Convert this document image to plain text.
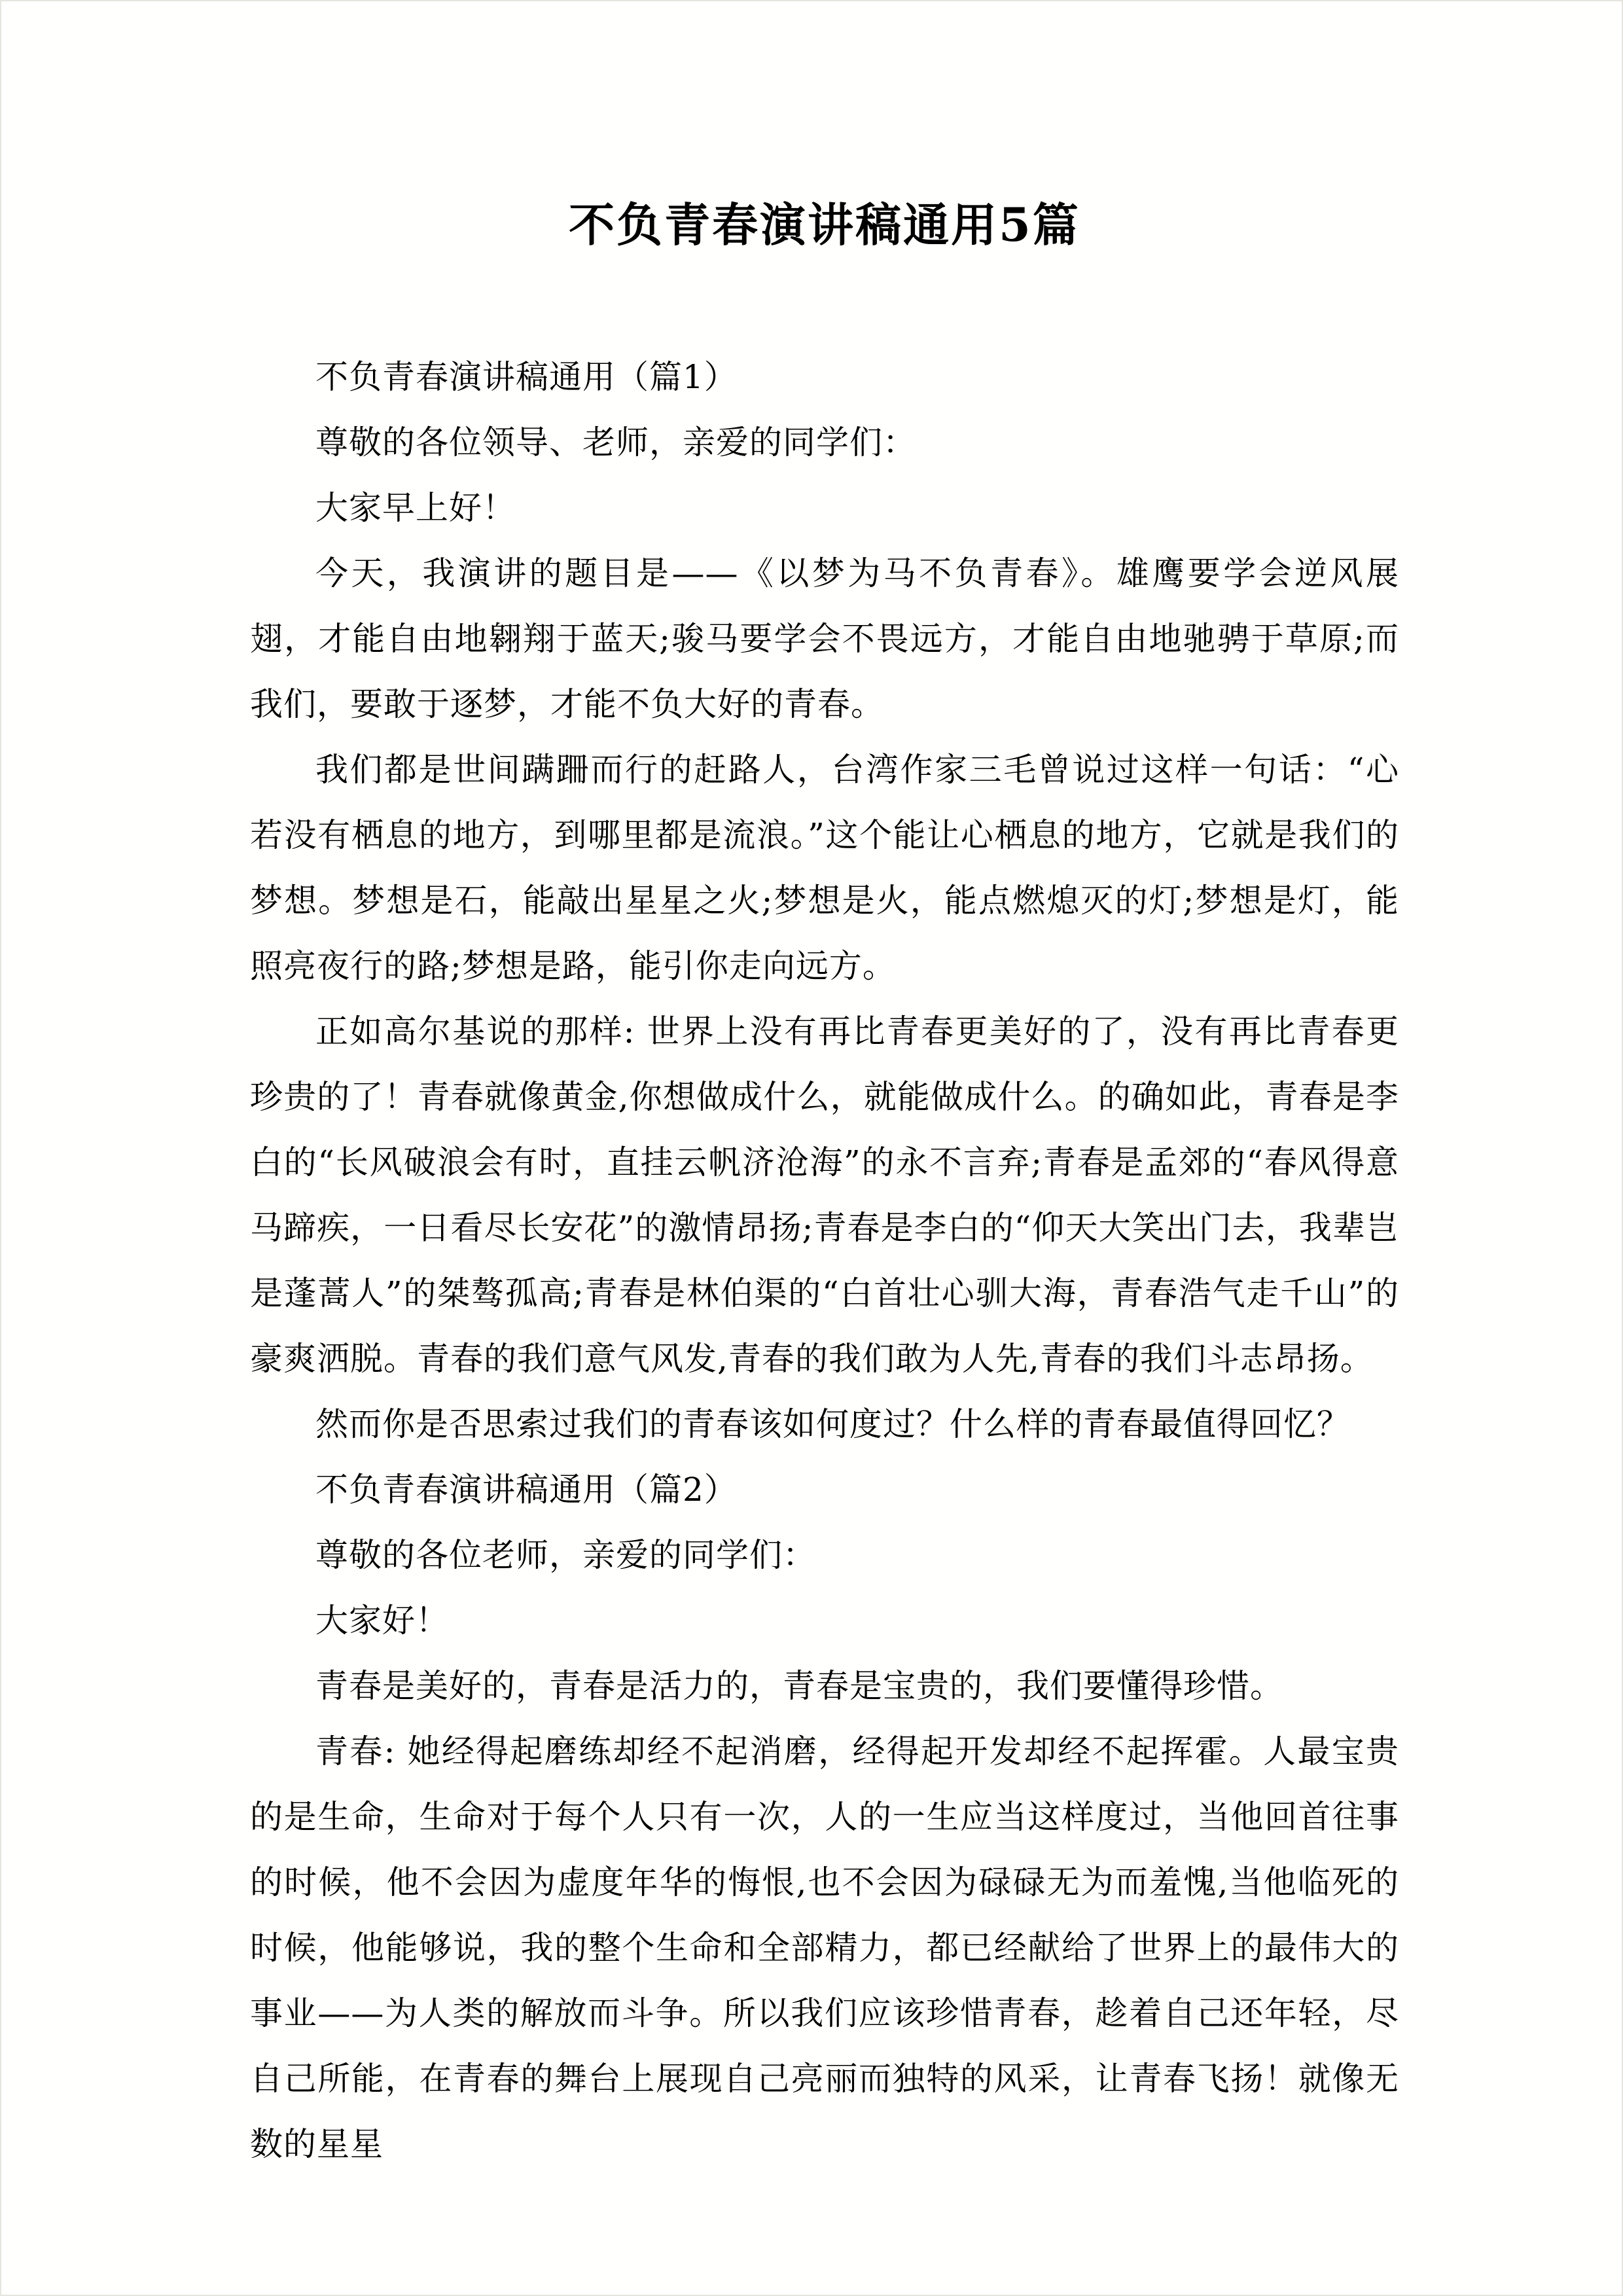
不负青春演讲稿通用5篇

不负青春演讲稿通用（篇1）

尊敬的各位领导、老师，亲爱的同学们：

大家早上好！

今天，我演讲的题目是——《以梦为马不负青春》。雄鹰要学会逆风展翅，才能自由地翱翔于蓝天;骏马要学会不畏远方，才能自由地驰骋于草原;而我们，要敢于逐梦，才能不负大好的青春。

我们都是世间蹒跚而行的赶路人，台湾作家三毛曾说过这样一句话：“心若没有栖息的地方，到哪里都是流浪。”这个能让心栖息的地方，它就是我们的梦想。梦想是石，能敲出星星之火;梦想是火，能点燃熄灭的灯;梦想是灯，能照亮夜行的路;梦想是路，能引你走向远方。

正如高尔基说的那样: 世界上没有再比青春更美好的了，没有再比青春更珍贵的了！青春就像黄金,你想做成什么，就能做成什么。的确如此，青春是李白的“长风破浪会有时，直挂云帆济沧海”的永不言弃;青春是孟郊的“春风得意马蹄疾，一日看尽长安花”的激情昂扬;青春是李白的“仰天大笑出门去，我辈岂是蓬蒿人”的桀骜孤高;青春是林伯渠的“白首壮心驯大海，青春浩气走千山”的豪爽洒脱。青春的我们意气风发,青春的我们敢为人先,青春的我们斗志昂扬。

然而你是否思索过我们的青春该如何度过？什么样的青春最值得回忆？

不负青春演讲稿通用（篇2）

尊敬的各位老师，亲爱的同学们：

大家好！

青春是美好的，青春是活力的，青春是宝贵的，我们要懂得珍惜。

青春: 她经得起磨练却经不起消磨，经得起开发却经不起挥霍。人最宝贵的是生命，生命对于每个人只有一次，人的一生应当这样度过，当他回首往事的时候，他不会因为虚度年华的悔恨,也不会因为碌碌无为而羞愧,当他临死的时候，他能够说，我的整个生命和全部精力，都已经献给了世界上的最伟大的事业——为人类的解放而斗争。所以我们应该珍惜青春，趁着自己还年轻，尽自己所能，在青春的舞台上展现自己亮丽而独特的风采，让青春飞扬！就像无数的星星
